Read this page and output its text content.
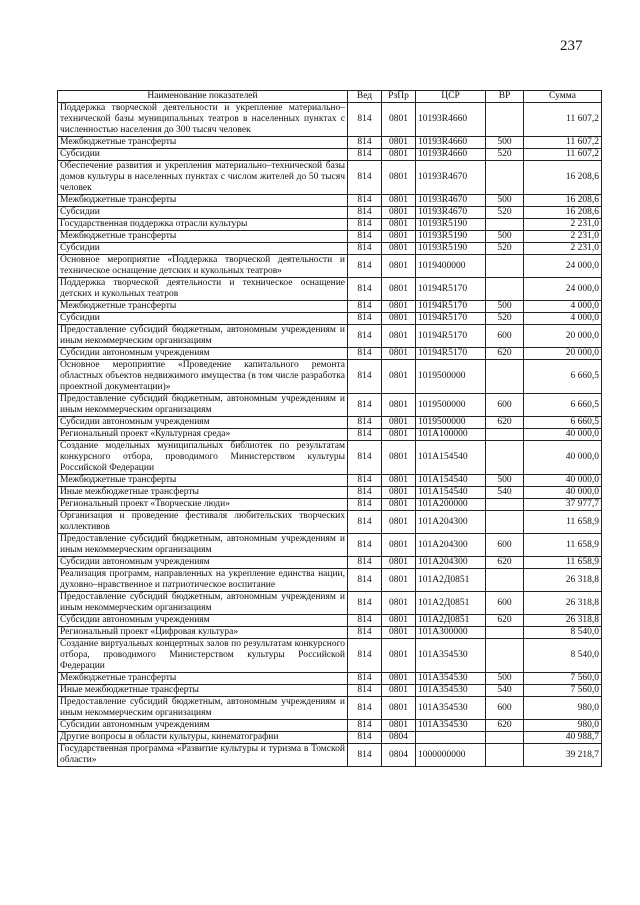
237
Наименование показателей	Вед	РзПр	ЦСР	ВР	Сумма
Поддержка творческой деятельности и укрепление материально–технической базы муниципальных театров в населенных пунктах с численностью населения до 300 тысяч человек	814	0801	10193R4660		11 607,2
Межбюджетные трансферты	814	0801	10193R4660	500	11 607,2
Субсидии	814	0801	10193R4660	520	11 607,2
Обеспечение развития и укрепления материально–технической базы домов культуры в населенных пунктах с числом жителей до 50 тысяч человек	814	0801	10193R4670		16 208,6
Межбюджетные трансферты	814	0801	10193R4670	500	16 208,6
Субсидии	814	0801	10193R4670	520	16 208,6
Государственная поддержка отрасли культуры	814	0801	10193R5190		2 231,0
Межбюджетные трансферты	814	0801	10193R5190	500	2 231,0
Субсидии	814	0801	10193R5190	520	2 231,0
Основное мероприятие «Поддержка творческой деятельности и техническое оснащение детских и кукольных театров»	814	0801	1019400000		24 000,0
Поддержка творческой деятельности и техническое оснащение детских и кукольных театров	814	0801	10194R5170		24 000,0
Межбюджетные трансферты	814	0801	10194R5170	500	4 000,0
Субсидии	814	0801	10194R5170	520	4 000,0
Предоставление субсидий бюджетным, автономным учреждениям и иным некоммерческим организациям	814	0801	10194R5170	600	20 000,0
Субсидии автономным учреждениям	814	0801	10194R5170	620	20 000,0
Основное мероприятие «Проведение капитального ремонта областных объектов недвижимого имущества (в том числе разработка проектной документации)»	814	0801	1019500000		6 660,5
Предоставление субсидий бюджетным, автономным учреждениям и иным некоммерческим организациям	814	0801	1019500000	600	6 660,5
Субсидии автономным учреждениям	814	0801	1019500000	620	6 660,5
Региональный проект «Культурная среда»	814	0801	101A100000		40 000,0
Создание модельных муниципальных библиотек по результатам конкурсного отбора, проводимого Министерством культуры Российской Федерации	814	0801	101A154540		40 000,0
Межбюджетные трансферты	814	0801	101A154540	500	40 000,0
Иные межбюджетные трансферты	814	0801	101A154540	540	40 000,0
Региональный проект «Творческие люди»	814	0801	101A200000		37 977,7
Организация и проведение фестиваля любительских творческих коллективов	814	0801	101A204300		11 658,9
Предоставление субсидий бюджетным, автономным учреждениям и иным некоммерческим организациям	814	0801	101A204300	600	11 658,9
Субсидии автономным учреждениям	814	0801	101A204300	620	11 658,9
Реализация программ, направленных на укрепление единства нации, духовно–нравственное и патриотическое воспитание	814	0801	101A2Д0851		26 318,8
Предоставление субсидий бюджетным, автономным учреждениям и иным некоммерческим организациям	814	0801	101A2Д0851	600	26 318,8
Субсидии автономным учреждениям	814	0801	101A2Д0851	620	26 318,8
Региональный проект «Цифровая культура»	814	0801	101A300000		8 540,0
Создание виртуальных концертных залов по результатам конкурсного отбора, проводимого Министерством культуры Российской Федерации	814	0801	101A354530		8 540,0
Межбюджетные трансферты	814	0801	101A354530	500	7 560,0
Иные межбюджетные трансферты	814	0801	101A354530	540	7 560,0
Предоставление субсидий бюджетным, автономным учреждениям и иным некоммерческим организациям	814	0801	101A354530	600	980,0
Субсидии автономным учреждениям	814	0801	101A354530	620	980,0
Другие вопросы в области культуры, кинематографии	814	0804			40 988,7
Государственная программа «Развитие культуры и туризма в Томской области»	814	0804	1000000000		39 218,7
